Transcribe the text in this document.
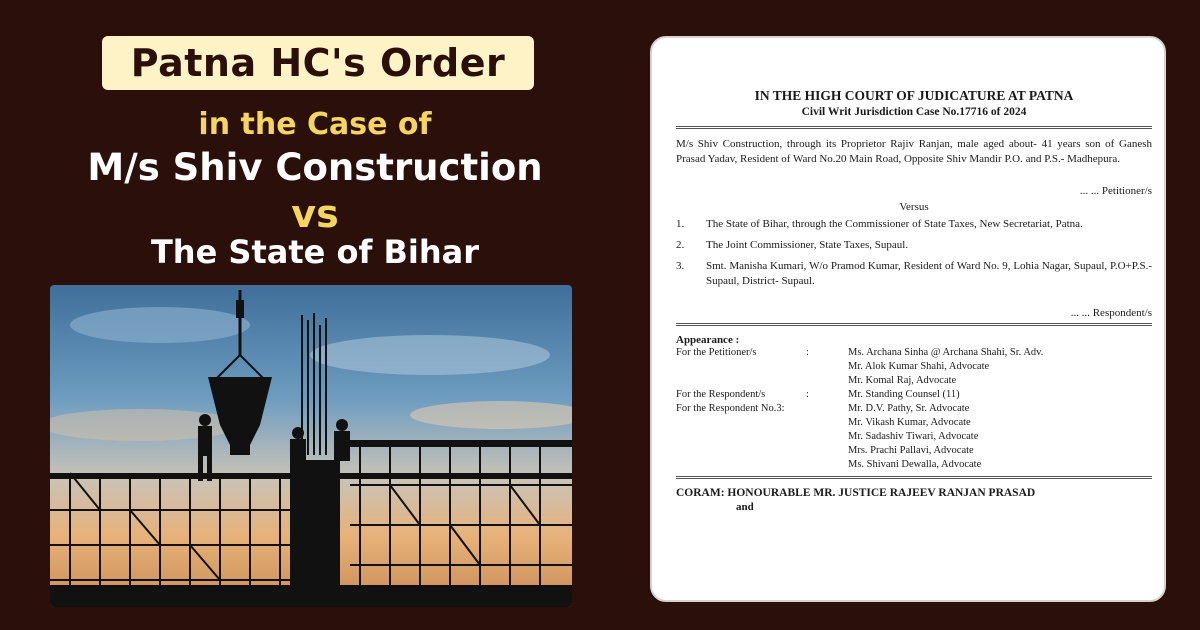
Patna HC's Order
in the Case of
M/s Shiv Construction
vs
The State of Bihar
IN THE HIGH COURT OF JUDICATURE AT PATNA
Civil Writ Jurisdiction Case No.17716 of 2024
M/s Shiv Construction, through its Proprietor Rajiv Ranjan, male aged about- 41 years son of Ganesh Prasad Yadav, Resident of Ward No.20 Main Road, Opposite Shiv Mandir P.O. and P.S.- Madhepura.
... ... Petitioner/s
Versus
1.	The State of Bihar, through the Commissioner of State Taxes, New Secretariat, Patna.
2.	The Joint Commissioner, State Taxes, Supaul.
3.	Smt. Manisha Kumari, W/o Pramod Kumar, Resident of Ward No. 9, Lohia Nagar, Supaul, P.O+P.S.- Supaul, District- Supaul.
... ... Respondent/s
Appearance :
For the Petitioner/s	:	Ms. Archana Sinha @ Archana Shahi, Sr. Adv.
Mr. Alok Kumar Shahi, Advocate
Mr. Komal Raj, Advocate
For the Respondent/s	:	Mr. Standing Counsel (11)
For the Respondent No.3:	Mr. D.V. Pathy, Sr. Advocate
Mr. Vikash Kumar, Advocate
Mr. Sadashiv Tiwari, Advocate
Mrs. Prachi Pallavi, Advocate
Ms. Shivani Dewalla, Advocate
CORAM: HONOURABLE MR. JUSTICE RAJEEV RANJAN PRASAD
and
